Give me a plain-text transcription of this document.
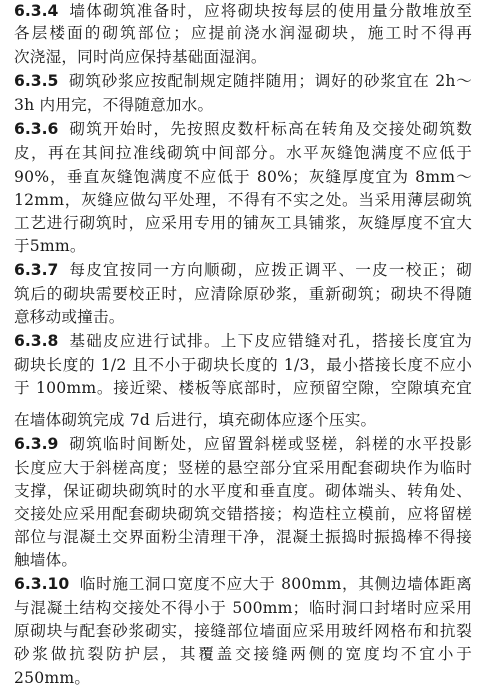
6.3.4 墙体砌筑准备时，应将砌块按每层的使用量分散堆放至
各层楼面的砌筑部位；应提前浇水润湿砌块，施工时不得再
次浇湿，同时尚应保持基础面湿润。
6.3.5 砌筑砂浆应按配制规定随拌随用；调好的砂浆宜在 2h～
3h 内用完，不得随意加水。
6.3.6 砌筑开始时，先按照皮数杆标高在转角及交接处砌筑数
皮，再在其间拉准线砌筑中间部分。水平灰缝饱满度不应低于
90%，垂直灰缝饱满度不应低于 80%；灰缝厚度宜为 8mm～
12mm，灰缝应做勾平处理，不得有不实之处。当采用薄层砌筑
工艺进行砌筑时，应采用专用的铺灰工具铺浆，灰缝厚度不宜大
于5mm。
6.3.7 每皮宜按同一方向顺砌，应拨正调平、一皮一校正；砌
筑后的砌块需要校正时，应清除原砂浆，重新砌筑；砌块不得随
意移动或撞击。
6.3.8 基础皮应进行试排。上下皮应错缝对孔，搭接长度宜为
砌块长度的 1/2 且不小于砌块长度的 1/3，最小搭接长度不应小
于 100mm。接近梁、楼板等底部时，应预留空隙，空隙填充宜
在墙体砌筑完成 7d 后进行，填充砌体应逐个压实。
6.3.9 砌筑临时间断处，应留置斜槎或竖槎，斜槎的水平投影
长度应大于斜槎高度；竖槎的悬空部分宜采用配套砌块作为临时
支撑，保证砌块砌筑时的水平度和垂直度。砌体端头、转角处、
交接处应采用配套砌块砌筑交错搭接；构造柱立模前，应将留槎
部位与混凝土交界面粉尘清理干净，混凝土振捣时振捣棒不得接
触墙体。
6.3.10 临时施工洞口宽度不应大于 800mm，其侧边墙体距离
与混凝土结构交接处不得小于 500mm；临时洞口封堵时应采用
原砌块与配套砂浆砌实，接缝部位墙面应采用玻纤网格布和抗裂
砂浆做抗裂防护层，其覆盖交接缝两侧的宽度均不宜小于
250mm。
